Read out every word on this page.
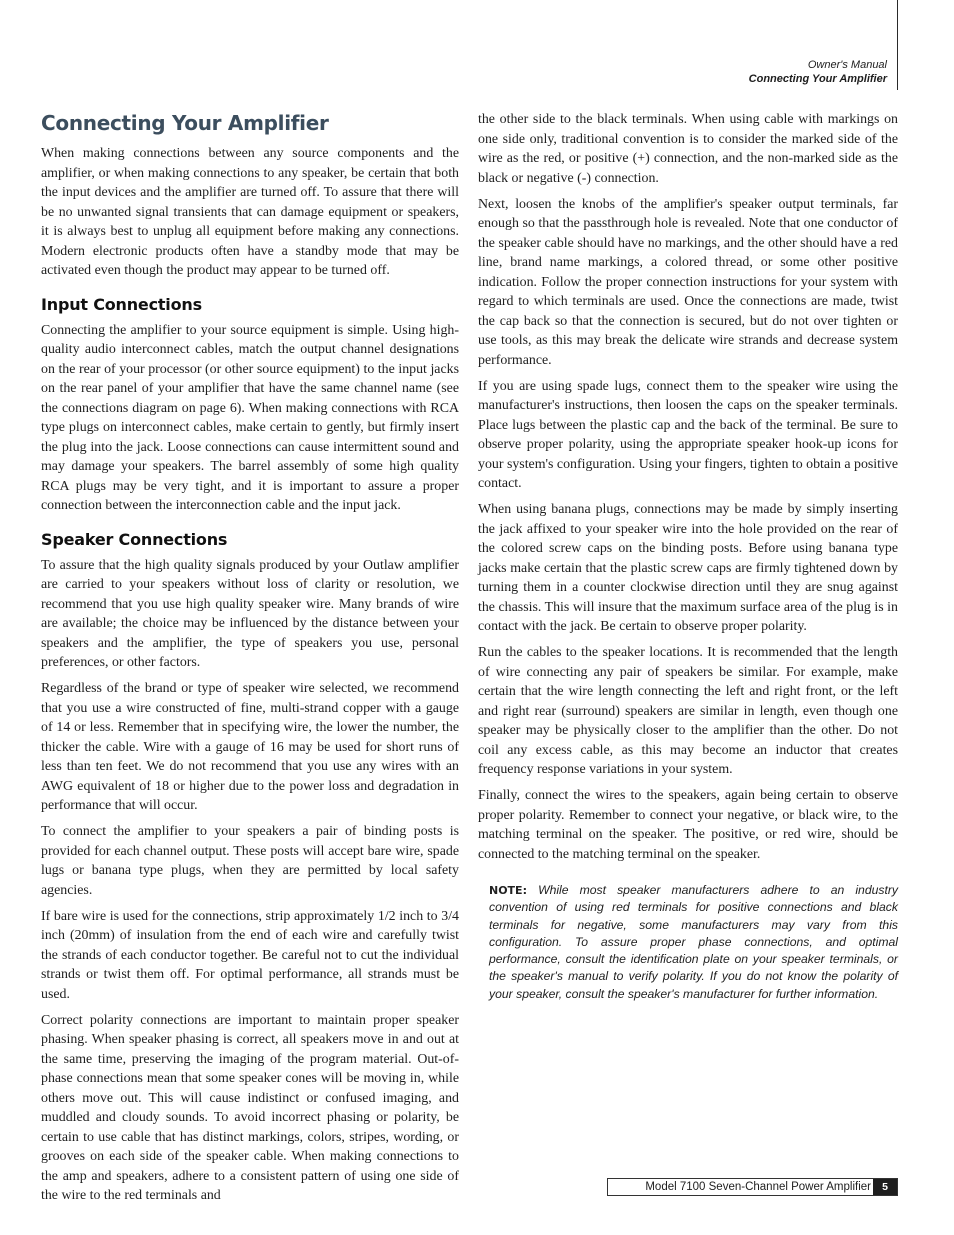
Owner's Manual
Connecting Your Amplifier
Connecting Your Amplifier

When making connections between any source components and the amplifier, or when making connections to any speaker, be certain that both the input devices and the amplifier are turned off. To assure that there will be no unwanted signal transients that can damage equipment or speakers, it is always best to unplug all equipment before making any connections. Modern electronic products often have a standby mode that may be activated even though the product may appear to be turned off.

Input Connections

Connecting the amplifier to your source equipment is simple. Using high-quality audio interconnect cables, match the output channel designations on the rear of your processor (or other source equipment) to the input jacks on the rear panel of your amplifier that have the same channel name (see the connections diagram on page 6). When making connections with RCA type plugs on interconnect cables, make certain to gently, but firmly insert the plug into the jack. Loose connections can cause intermittent sound and may damage your speakers. The barrel assembly of some high quality RCA plugs may be very tight, and it is important to assure a proper connection between the interconnection cable and the input jack.

Speaker Connections

To assure that the high quality signals produced by your Outlaw amplifier are carried to your speakers without loss of clarity or resolution, we recommend that you use high quality speaker wire. Many brands of wire are available; the choice may be influenced by the distance between your speakers and the amplifier, the type of speakers you use, personal preferences, or other factors.

Regardless of the brand or type of speaker wire selected, we recommend that you use a wire constructed of fine, multi-strand copper with a gauge of 14 or less. Remember that in specifying wire, the lower the number, the thicker the cable. Wire with a gauge of 16 may be used for short runs of less than ten feet. We do not recommend that you use any wires with an AWG equivalent of 18 or higher due to the power loss and degradation in performance that will occur.

To connect the amplifier to your speakers a pair of binding posts is provided for each channel output. These posts will accept bare wire, spade lugs or banana type plugs, when they are permitted by local safety agencies.

If bare wire is used for the connections, strip approximately 1/2 inch to 3/4 inch (20mm) of insulation from the end of each wire and carefully twist the strands of each conductor together. Be careful not to cut the individual strands or twist them off. For optimal performance, all strands must be used.

Correct polarity connections are important to maintain proper speaker phasing. When speaker phasing is correct, all speakers move in and out at the same time, preserving the imaging of the program material. Out-of-phase connections mean that some speaker cones will be moving in, while others move out. This will cause indistinct or confused imaging, and muddled and cloudy sounds. To avoid incorrect phasing or polarity, be certain to use cable that has distinct markings, colors, stripes, wording, or grooves on each side of the speaker cable. When making connections to the amp and speakers, adhere to a consistent pattern of using one side of the wire to the red terminals and

the other side to the black terminals. When using cable with markings on one side only, traditional convention is to consider the marked side of the wire as the red, or positive (+) connection, and the non-marked side as the black or negative (-) connection.

Next, loosen the knobs of the amplifier's speaker output terminals, far enough so that the passthrough hole is revealed. Note that one conductor of the speaker cable should have no markings, and the other should have a red line, brand name markings, a colored thread, or some other positive indication. Follow the proper connection instructions for your system with regard to which terminals are used. Once the connections are made, twist the cap back so that the connection is secured, but do not over tighten or use tools, as this may break the delicate wire strands and decrease system performance.

If you are using spade lugs, connect them to the speaker wire using the manufacturer's instructions, then loosen the caps on the speaker terminals. Place lugs between the plastic cap and the back of the terminal. Be sure to observe proper polarity, using the appropriate speaker hook-up icons for your system's configuration. Using your fingers, tighten to obtain a positive contact.

When using banana plugs, connections may be made by simply inserting the jack affixed to your speaker wire into the hole provided on the rear of the colored screw caps on the binding posts. Before using banana type jacks make certain that the plastic screw caps are firmly tightened down by turning them in a counter clockwise direction until they are snug against the chassis. This will insure that the maximum surface area of the plug is in contact with the jack. Be certain to observe proper polarity.

Run the cables to the speaker locations. It is recommended that the length of wire connecting any pair of speakers be similar. For example, make certain that the wire length connecting the left and right front, or the left and right rear (surround) speakers are similar in length, even though one speaker may be physically closer to the amplifier than the other. Do not coil any excess cable, as this may become an inductor that creates frequency response variations in your system.

Finally, connect the wires to the speakers, again being certain to observe proper polarity. Remember to connect your negative, or black wire, to the matching terminal on the speaker. The positive, or red wire, should be connected to the matching terminal on the speaker.

NOTE: While most speaker manufacturers adhere to an industry convention of using red terminals for positive connections and black terminals for negative, some manufacturers may vary from this configuration. To assure proper phase connections, and optimal performance, consult the identification plate on your speaker terminals, or the speaker's manual to verify polarity. If you do not know the polarity of your speaker, consult the speaker's manufacturer for further information.
Model 7100 Seven-Channel Power Amplifier	5
